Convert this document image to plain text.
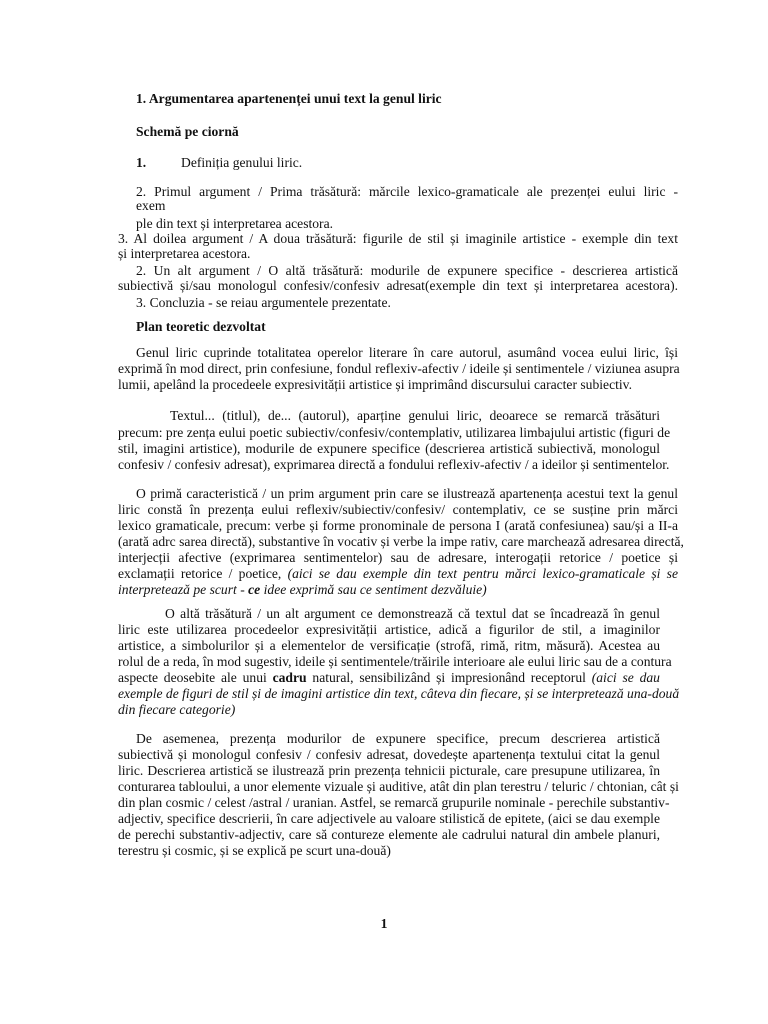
1. Argumentarea apartenenței unui text la genul liric
Schemă pe ciornă
1.	Definiția genului liric.
2. Primul argument / Prima trăsătură: mărcile lexico-gramaticale ale prezenței eului liric -
exem
ple din text și interpretarea acestora.
3. Al doilea argument / A doua trăsătură: figurile de stil și imaginile artistice - exemple din text
și interpretarea acestora.
2. Un alt argument / O altă trăsătură: modurile de expunere specifice - descrierea artistică
subiectivă și/sau monologul confesiv/confesiv adresat(exemple din text și interpretarea acestora).
3. Concluzia - se reiau argumentele prezentate.
Plan teoretic dezvoltat
Genul liric cuprinde totalitatea operelor literare în care autorul, asumând vocea eului liric, își
exprimă în mod direct, prin confesiune, fondul reflexiv-afectiv / ideile și sentimentele / viziunea asupra
lumii, apelând la procedeele expresivității artistice și imprimând discursului caracter subiectiv.
Textul... (titlul), de... (autorul), aparține genului liric, deoarece se remarcă trăsături
precum: pre zența eului poetic subiectiv/confesiv/contemplativ, utilizarea limbajului artistic (figuri de
stil, imagini artistice), modurile de expunere specifice (descrierea artistică subiectivă, monologul
confesiv / confesiv adresat), exprimarea directă a fondului reflexiv-afectiv / a ideilor și sentimentelor.
O primă caracteristică / un prim argument prin care se ilustrează apartenența acestui text la genul
liric constă în prezența eului reflexiv/subiectiv/confesiv/ contemplativ, ce se susține prin mărci
lexico gramaticale, precum: verbe și forme pronominale de persona I (arată confesiunea) sau/și a II-a
(arată adrc sarea directă), substantive în vocativ și verbe la impe rativ, care marchează adresarea directă,
interjecții afective (exprimarea sentimentelor) sau de adresare, interogații retorice / poetice și
exclamații retorice / poetice, (aici se dau exemple din text pentru mărci lexico-gramaticale și se
interpretează pe scurt - ce idee exprimă sau ce sentiment dezvăluie)
O altă trăsătură / un alt argument ce demonstrează că textul dat se încadrează în genul
liric este utilizarea procedeelor expresivității artistice, adică a figurilor de stil, a imaginilor
artistice, a simbolurilor și a elementelor de versificație (strofă, rimă, ritm, măsură). Acestea au
rolul de a reda, în mod sugestiv, ideile și sentimentele/trăirile interioare ale eului liric sau de a contura
aspecte deosebite ale unui cadru natural, sensibilizând și impresionând receptorul (aici se dau
exemple de figuri de stil și de imagini artistice din text, câteva din fiecare, și se interpretează una-două
din fiecare categorie)
De asemenea, prezența modurilor de expunere specifice, precum descrierea artistică
subiectivă și monologul confesiv / confesiv adresat, dovedește apartenența textului citat la genul
liric. Descrierea artistică se ilustrează prin prezența tehnicii picturale, care presupune utilizarea, în
conturarea tabloului, a unor elemente vizuale și auditive, atât din plan terestru / teluric / chtonian, cât și
din plan cosmic / celest /astral / uranian. Astfel, se remarcă grupurile nominale - perechile substantiv-
adjectiv, specifice descrierii, în care adjectivele au valoare stilistică de epitete, (aici se dau exemple
de perechi substantiv-adjectiv, care să contureze elemente ale cadrului natural din ambele planuri,
terestru și cosmic, și se explică pe scurt una-două)
1
